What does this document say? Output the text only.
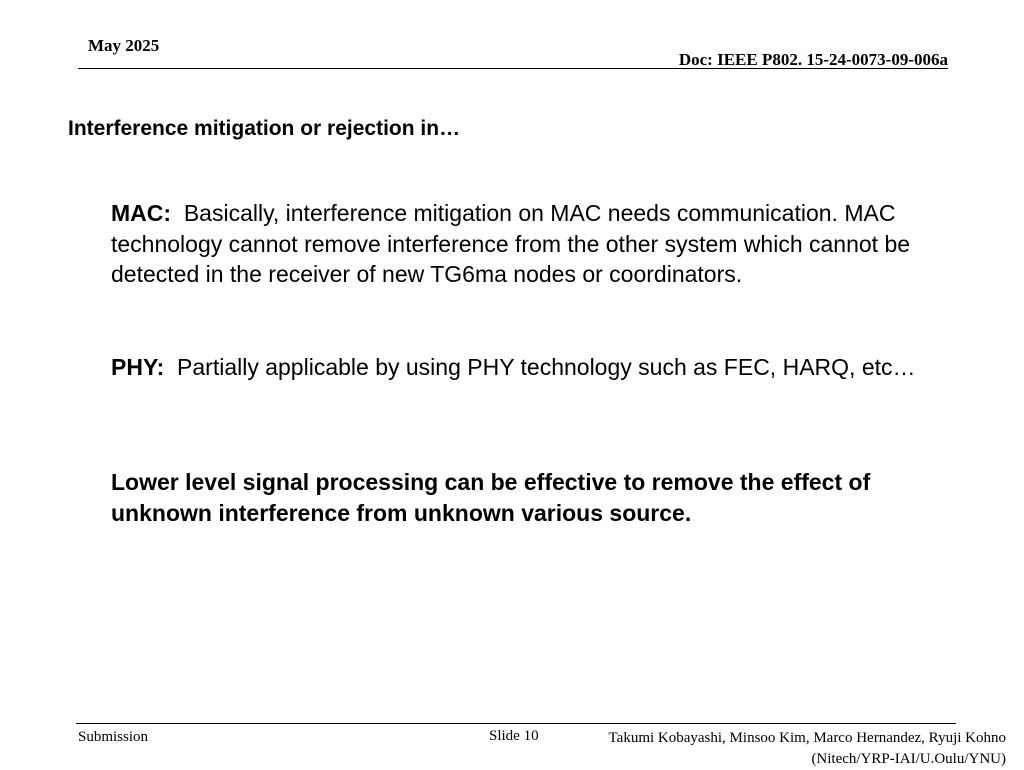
May 2025
Doc: IEEE P802. 15-24-0073-09-006a
Interference mitigation or rejection in…

MAC: Basically, interference mitigation on MAC needs communication. MAC technology cannot remove interference from the other system which cannot be detected in the receiver of new TG6ma nodes or coordinators.

PHY: Partially applicable by using PHY technology such as FEC, HARQ, etc…

Lower level signal processing can be effective to remove the effect of unknown interference from unknown various source.

Submission	Slide 10	Takumi Kobayashi, Minsoo Kim, Marco Hernandez, Ryuji Kohno
(Nitech/YRP-IAI/U.Oulu/YNU)
